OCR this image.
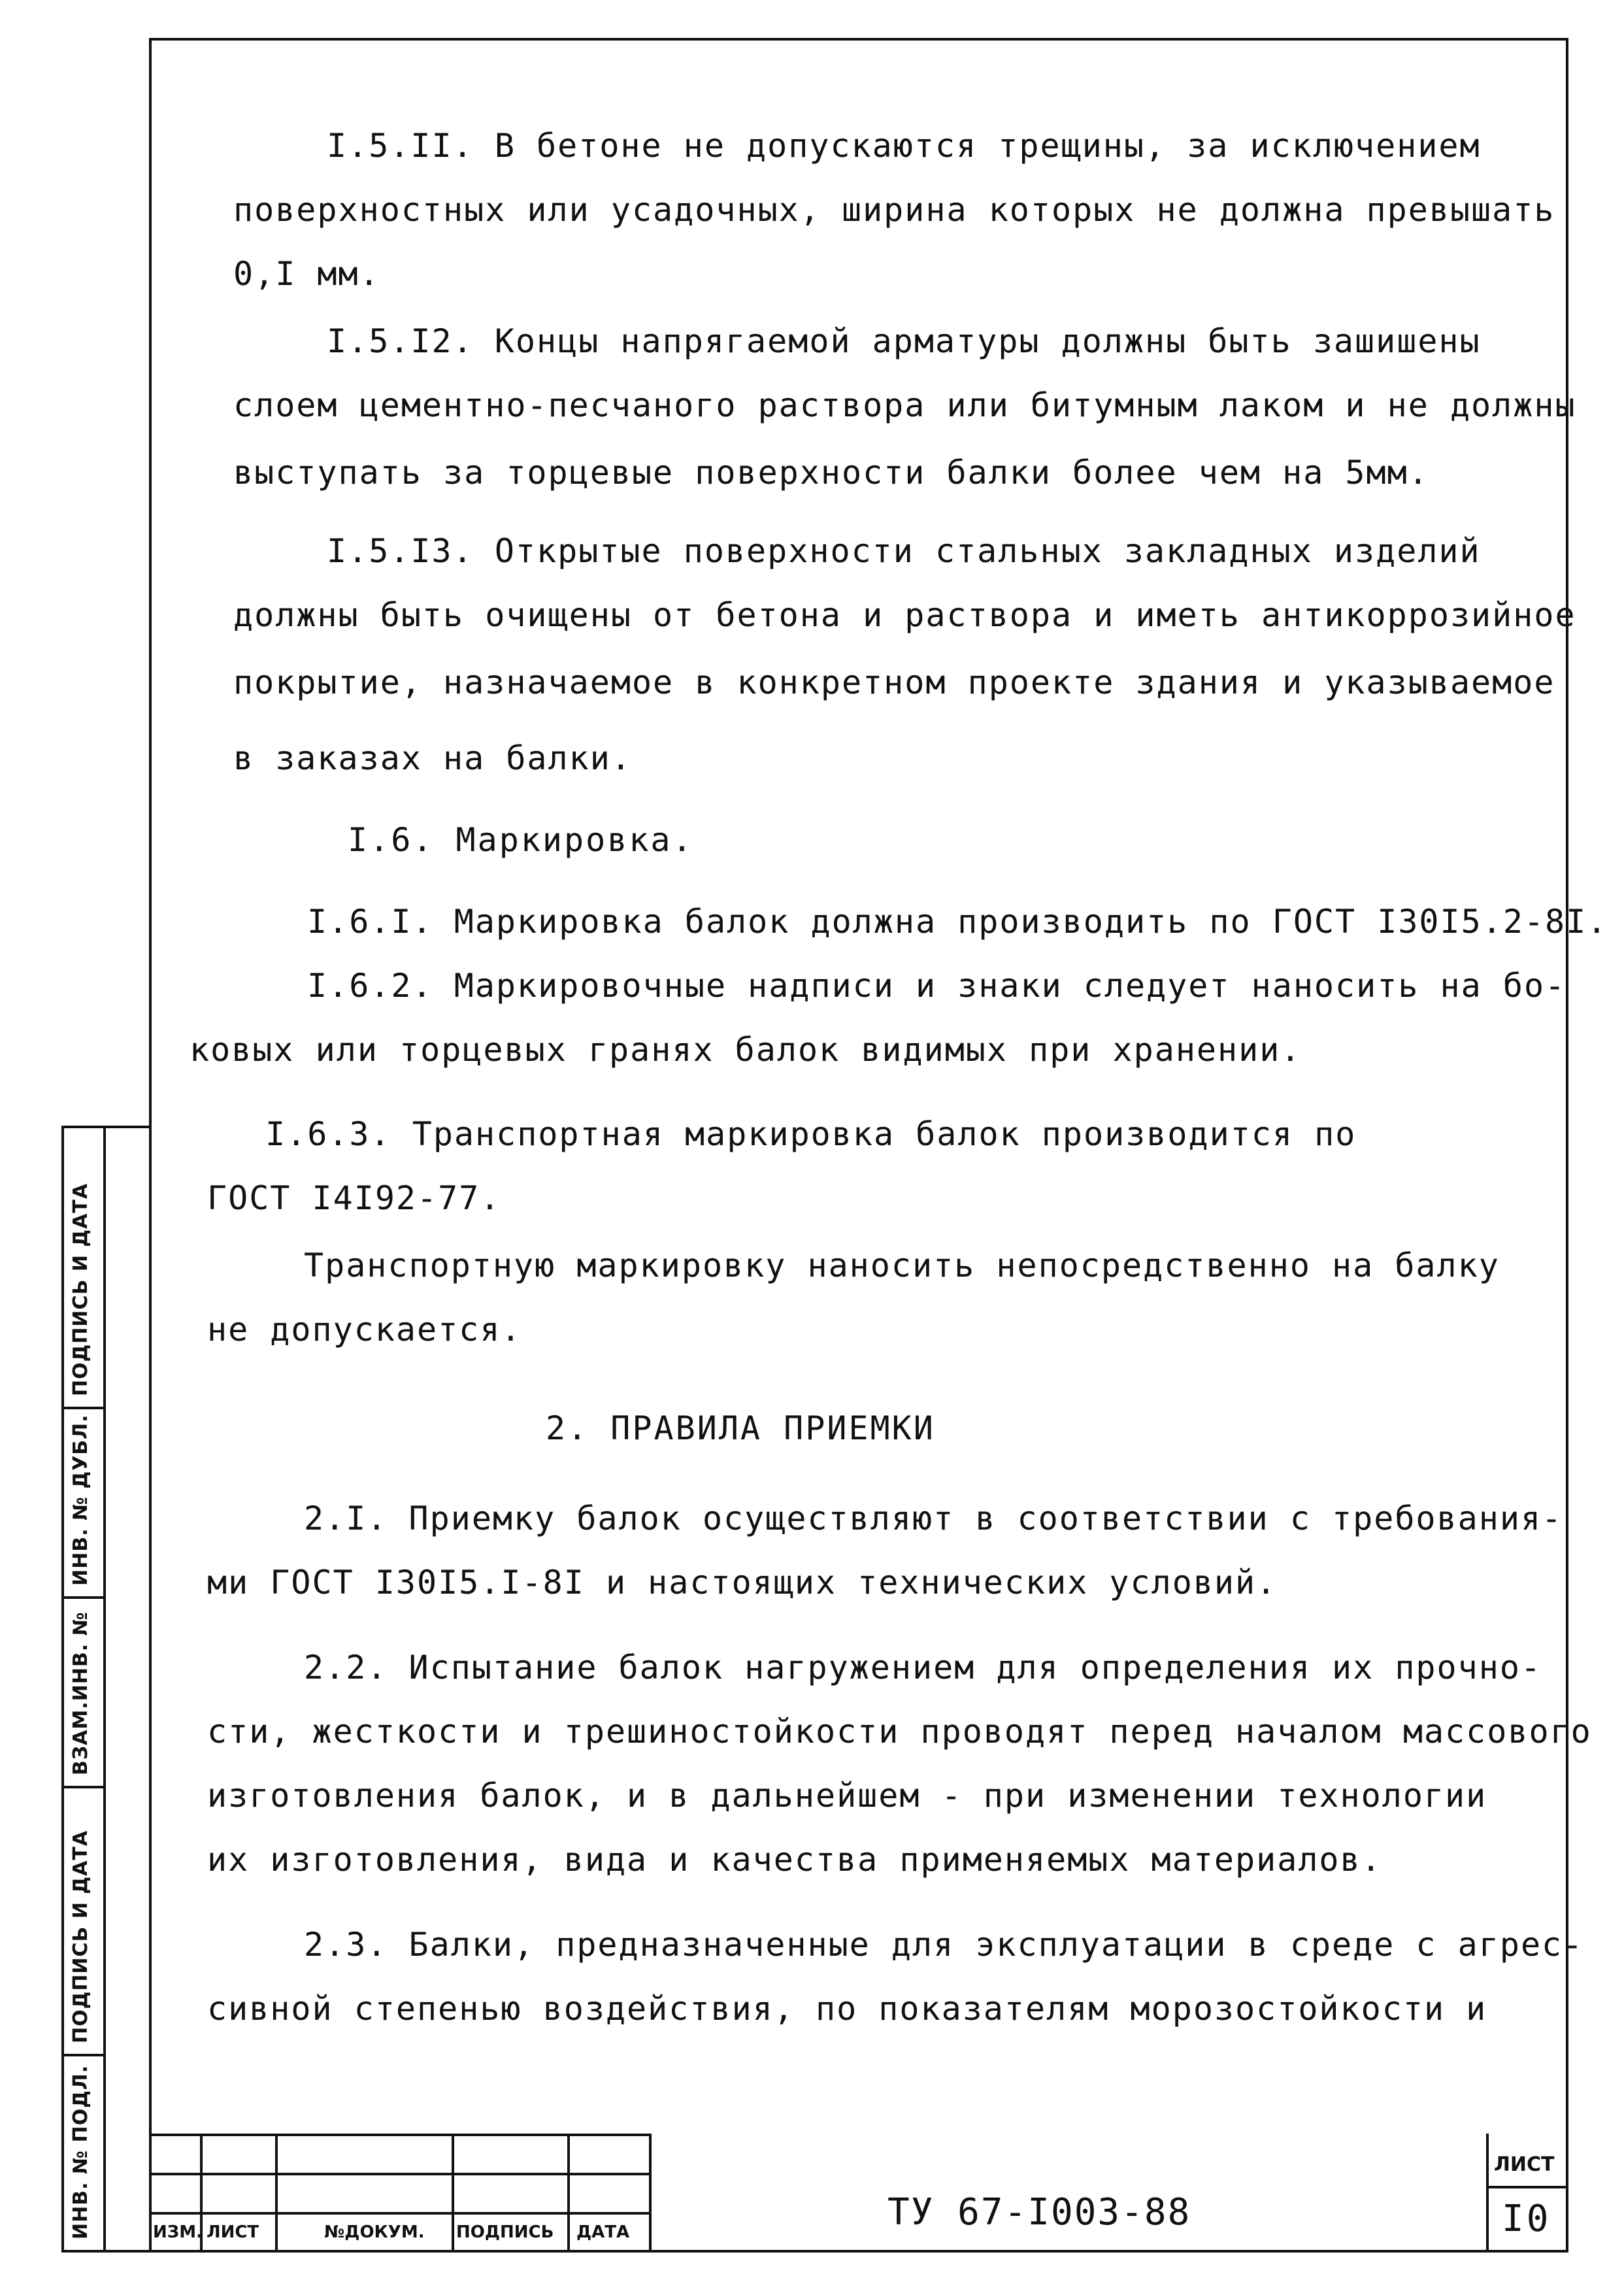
I.5.II. В бетоне не допускаются трещины, за исключением
поверхностных или усадочных, ширина которых не должна превышать
0,I мм.
I.5.I2. Концы напрягаемой арматуры должны быть зашишены
слоем цементно-песчаного раствора или битумным лаком и не должны
выступать за торцевые поверхности балки более чем на 5мм.
I.5.I3. Открытые поверхности стальных закладных изделий
должны быть очищены от бетона и раствора и иметь антикоррозийное
покрытие, назначаемое в конкретном проекте здания и указываемое
в заказах на балки.
I.6. Маркировка.
I.6.I. Маркировка балок должна производить по ГОСТ I30I5.2-8I.
I.6.2. Маркировочные надписи и знаки следует наносить на бо-
ковых или торцевых гранях балок видимых при хранении.
I.6.3. Транспортная маркировка балок производится по
ГОСТ I4I92-77.
Транспортную маркировку наносить непосредственно на балку
не допускается.
2. ПРАВИЛА ПРИЕМКИ
2.I. Приемку балок осуществляют в соответствии с требования-
ми ГОСТ I30I5.I-8I и настоящих технических условий.
2.2. Испытание балок нагружением для определения их прочно-
сти, жесткости и трешиностойкости проводят перед началом массового
изготовления балок, и в дальнейшем - при изменении технологии
их изготовления, вида и качества применяемых материалов.
2.3. Балки, предназначенные для эксплуатации в среде с агрес-
сивной степенью воздействия, по показателям морозостойкости и
ПОДПИСЬ И ДАТА
ИНВ. № ДУБЛ.
ВЗАМ.ИНВ. №
ПОДПИСЬ И ДАТА
ИНВ. № ПОДЛ.	ИЗМ. ЛИСТ	№ДОКУМ. ПОДПИСЬ ДАТА	ТУ 67-I003-88
ЛИСТ
I0
